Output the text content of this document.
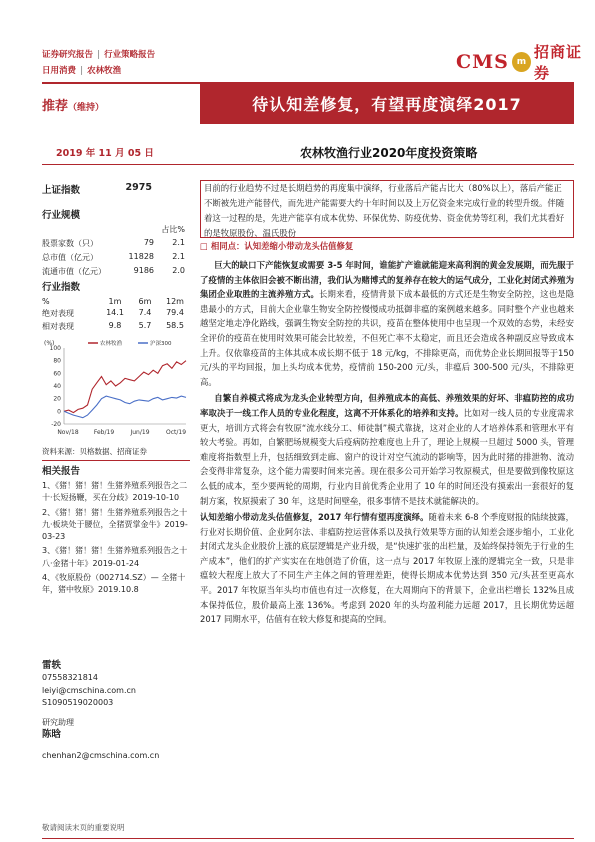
证券研究报告 | 行业策略报告
日用消费 | 农林牧渔	CMS m
招商证券
推荐（维持）	待认知差修复，有望再度演绎2017
2019 年 11 月 05 日	农林牧渔行业2020年度投资策略
上证指数	2975
行业规模
占比%
股票家数（只）	79	2.1
总市值（亿元）	11828	2.1
流通市值（亿元）	9186	2.0
行业指数
%	1m	6m	12m
绝对表现	14.1	7.4	79.4
相对表现	9.8	5.7	58.5
(%)
100
80
60
40
20
0
-20
Nov/18	Feb/19	Jun/19	Oct/19
农林牧渔	沪深300
资料来源：贝格数据、招商证券
相关报告
1、《猪！猪！猪！生猪养殖系列报告之二十·长短扬鞭，买在分歧》2019-10-10
2、《猪！猪！猪！生猪养殖系列报告之十九·板块处于腰位，全猪贾掌金牛》2019-03-23
3、《猪！猪！猪！生猪养殖系列报告之十八·金猪十年》2019-01-24
4、《牧原股份（002714.SZ）— 全猪十年，猪中牧原》2019.10.8
雷轶
07558321814
leiyi@cmschina.com.cn
S1090519020003
研究助理
陈晗
chenhan2@cmschina.com.cn
目前的行业趋势不过是长期趋势的再度集中演绎，行业落后产能占比大（80%以上），落后产能正不断被先进产能替代，而先进产能需要大约十年时间以及上万亿资金来完成行业的转型升级。伴随着这一过程的是，先进产能享有成本优势、环保优势、防疫优势、资金优势等红利，我们尤其看好的是牧原股份、温氏股份
□ 相同点：认知差缩小带动龙头估值修复

巨大的缺口下产能恢复或需要 3-5 年时间，谁能扩产谁就能迎来高利润的黄金发展期，而先服于了疫情的主体依旧会被不断出清，我们认为赌博式的复养存在较大的运气成分，工业化封闭式养殖为集团企业取胜的主流养殖方式。长期来看，疫情背景下成本最低的方式还是生物安全防控，这也是隐患最小的方式，目前大企业靠生物安全防控慢慢成功抵御非瘟的案例越来越多。同时整个产业也越来越坚定地走净化路线，强调生物安全防控的共识，疫苗在整体使用中也呈现一个双效的态势，未经安全评价的疫苗在使用时效果可能会比较差，不但死亡率不太稳定，而且还会造成各种副反应导致成本上升。仅依靠疫苗的主体其成本成长期不低于 18 元/kg，不排除更高，而优势企业长期回报等于150 元/头的平均回报，加上头均成本优势，疫情前 150-200 元/头，非瘟后 300-500 元/头，不排除更高。

自繁自养模式将成为龙头企业转型方向，但养殖成本的高低、养殖效果的好坏、非瘟防控的成功率取决于一线工作人员的专业化程度，这离不开体系化的培养和支持。比如对一线人员的专业度需求更大，培训方式将会有牧原“流水线分工、师徒制”模式靠拢，这对企业的人才培养体系和管理水平有较大考验。再如，自繁肥场规模变大后疫病防控难度也上升了，理论上规模一旦超过 5000 头，管理难度将指数型上升，包括细致到走廊、窗户的设计对空气流动的影响等，因为此时猪的排泄物、流动会变得非常复杂，这个能力需要时间来完善。现在很多公司开始学习牧原模式，但是要做到像牧原这么低的成本，至少要两轮的周期，行业内目前优秀企业用了 10 年的时间还没有摸索出一套很好的复制方案，牧原摸索了 30 年，这是时间壁垒，很多事情不是技术就能解决的。

认知差缩小带动龙头估值修复，2017 年行情有望再度演绎。随着未来 6-8 个季度财报的陆续披露，行业对长期价值、企业阿尔法、非瘟防控运营体系以及执行效果等方面的认知差会逐步缩小，工业化封闭式龙头企业股价上涨的底层逻辑是产业升级，是“快速扩张的出栏量，及始终保持领先于行业的生产成本”，他们的扩产实实在在地创造了价值，这一点与 2017 年牧原上涨的逻辑完全一致，只是非瘟较大程度上放大了不同生产主体之间的管理差距，使得长期成本优势达到 350 元/头甚至更高水平。2017 年牧原当年头均市值也有过一次修复，在大周期向下的背景下，企业出栏增长 132%且成本保持低位，股价最高上涨 136%。考虑到 2020 年的头均盈利能力远超 2017，且长期优势远超 2017 同期水平，估值有在较大修复和提高的空间。

敬请阅读末页的重要说明
